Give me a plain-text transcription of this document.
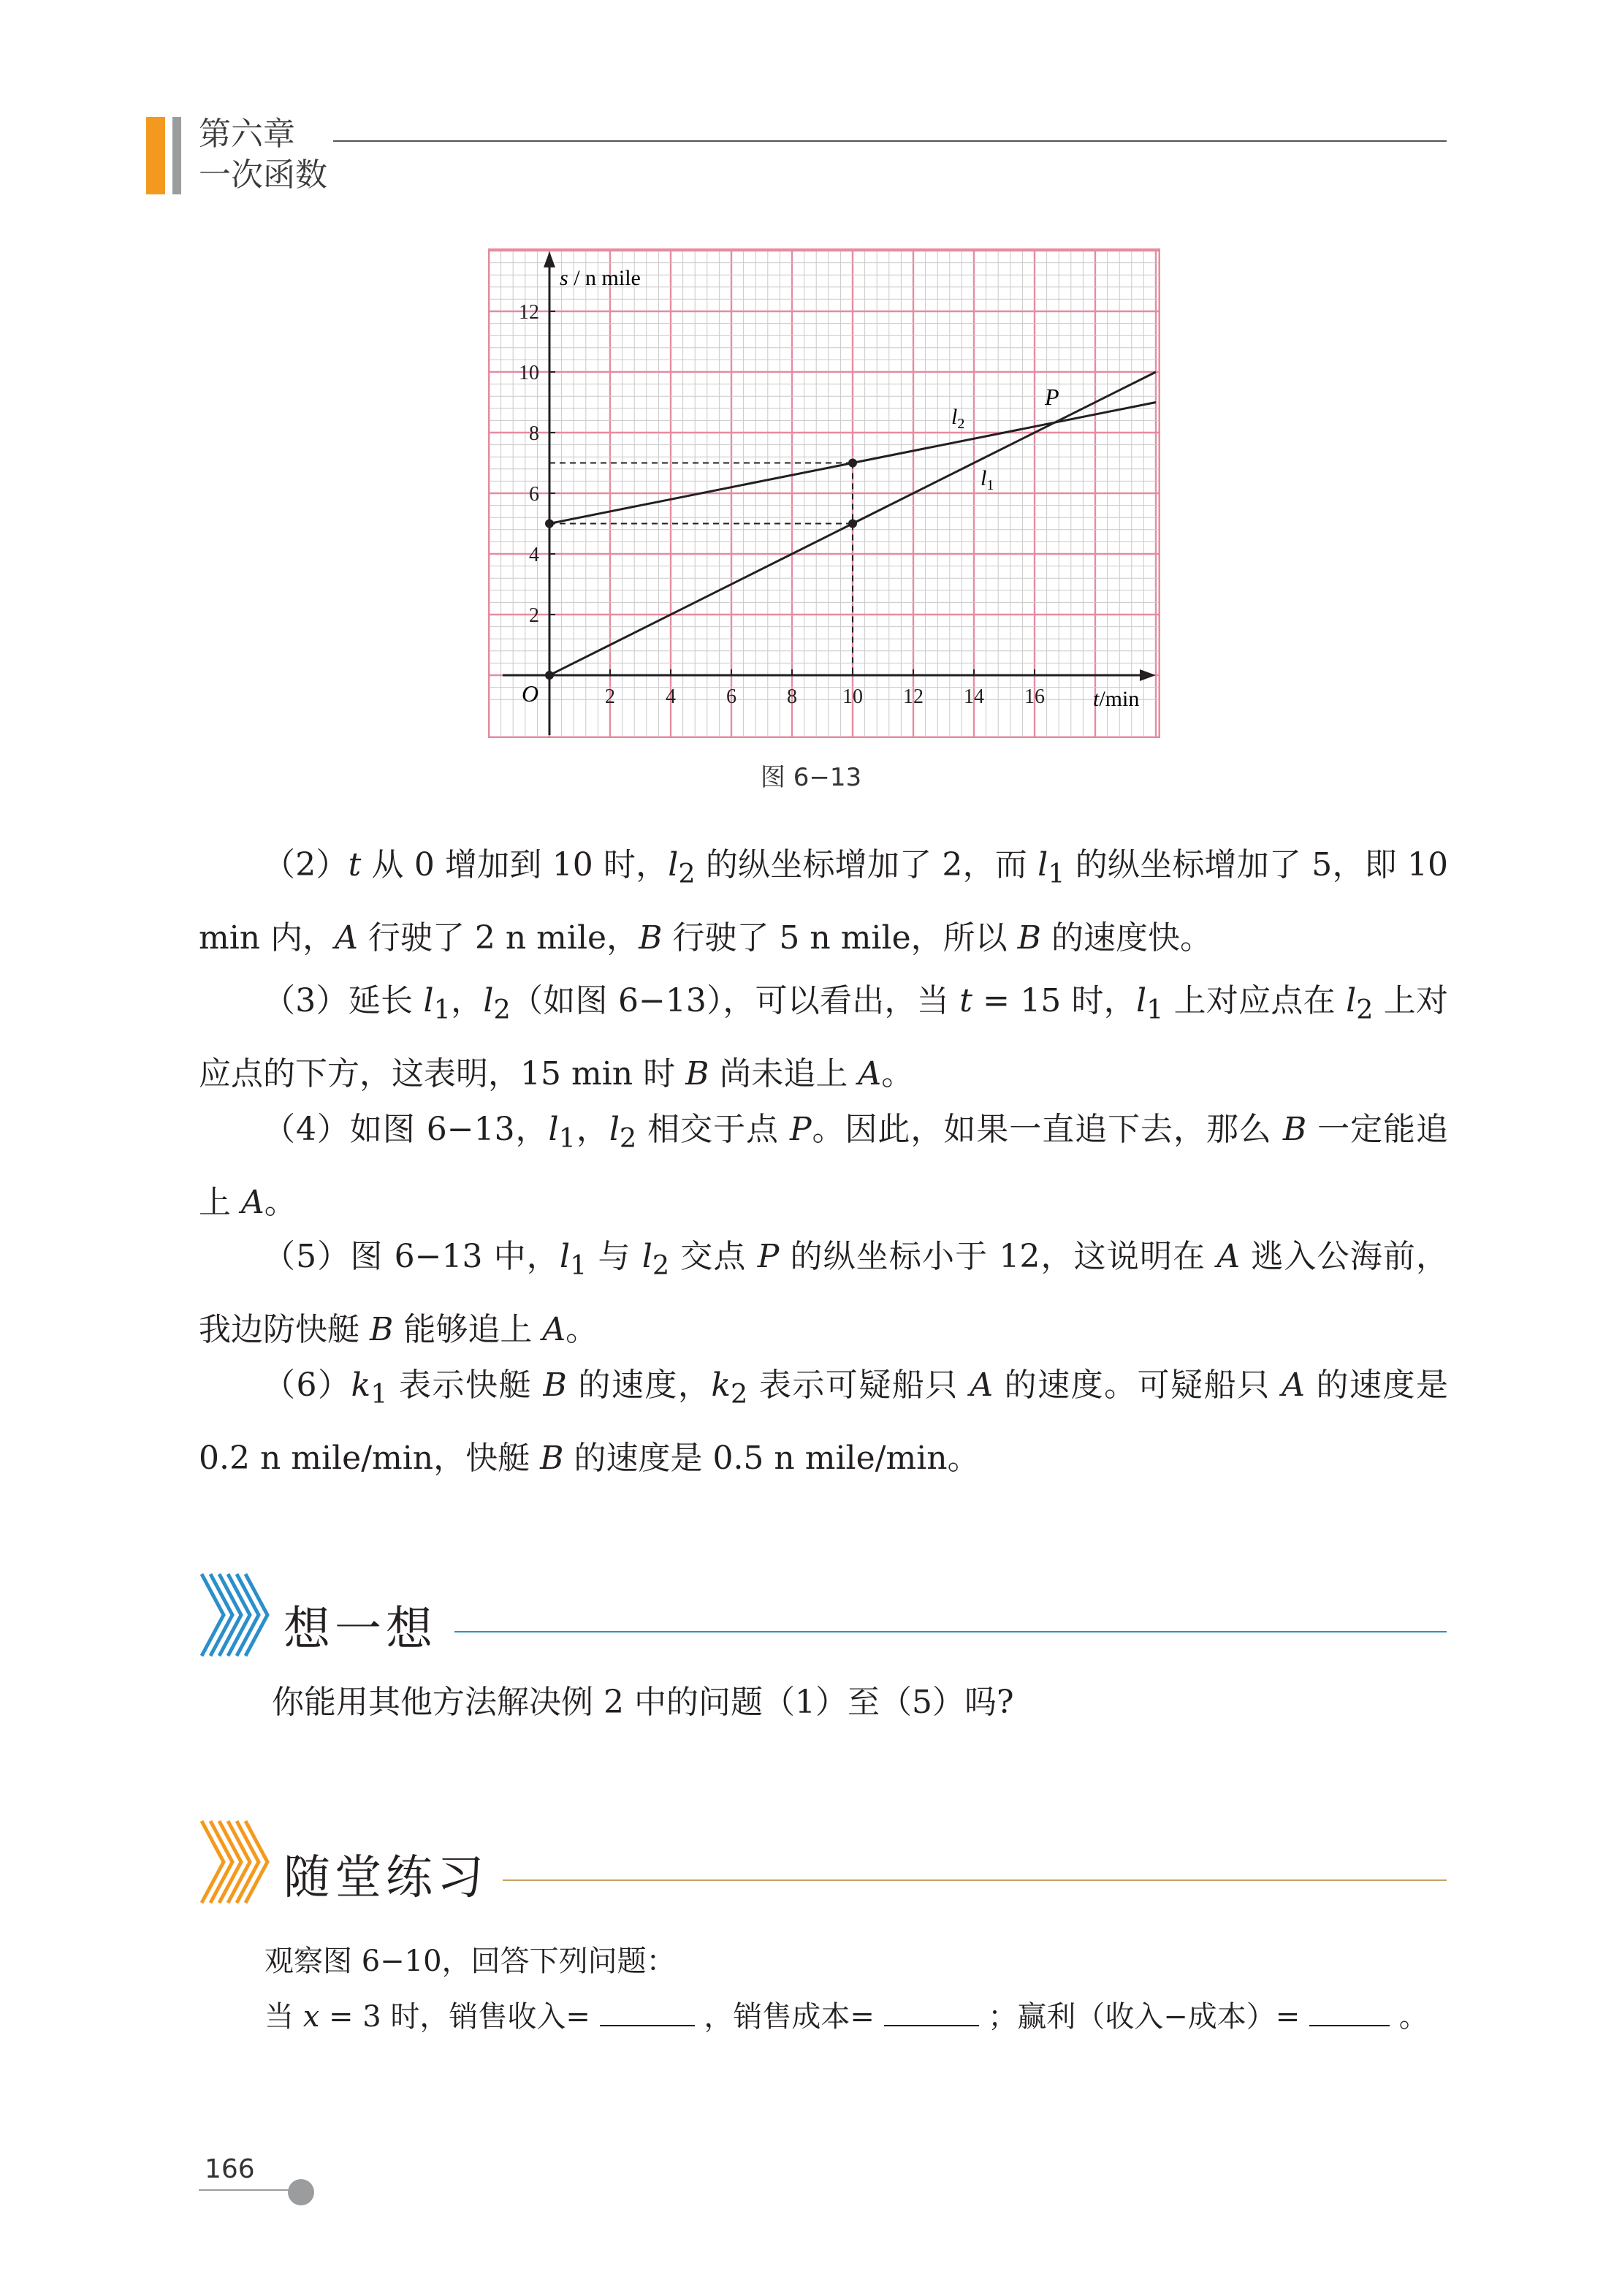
第六章
一次函数
2 4 6 8 10 12 14 16
2
4
6
8
10
12
s / n mile
t/min
O
P
$l_2$
$l_1$
图 6−13

（2）t 从 0 增加到 10 时，$l_2$ 的纵坐标增加了 2，而 $l_1$ 的纵坐标增加了 5，即 10 min 内，A 行驶了 2 n mile，B 行驶了 5 n mile，所以 B 的速度快。

（3）延长 $l_1$，$l_2$（如图 6−13），可以看出，当 t = 15 时，$l_1$ 上对应点在 $l_2$ 上对应点的下方，这表明，15 min 时 B 尚未追上 A。

（4）如图 6−13，$l_1$，$l_2$ 相交于点 P。因此，如果一直追下去，那么 B 一定能追上 A。

（5）图 6−13 中，$l_1$ 与 $l_2$ 交点 P 的纵坐标小于 12，这说明在 A 逃入公海前，我边防快艇 B 能够追上 A。

$(6)k_1$ 表示快艇 B 的速度，$k_2$ 表示可疑船只 A 的速度。可疑船只 A 的速度是 0.2 n mile/min，快艇 B 的速度是 0.5 n mile/min。

想一想
你能用其他方法解决例 2 中的问题（1）至（5）吗?
随堂练习
观察图 6−10，回答下列问题：
当 x = 3 时，销售收入=	，销售成本=	；赢利（收入−成本）=	。
166
